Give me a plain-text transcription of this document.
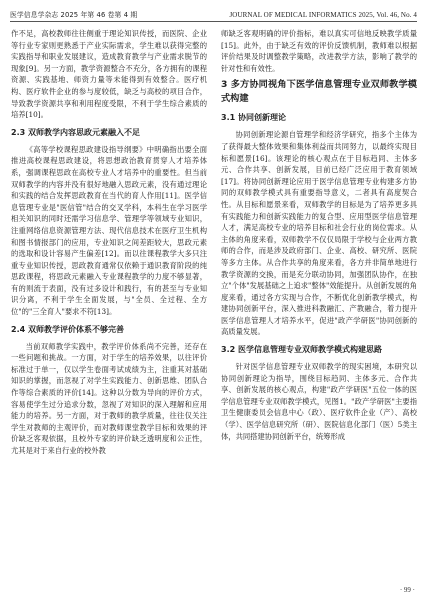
医学信息学杂志 2025 年第 46 卷第 4 期	JOURNAL OF MEDICAL INFORMATICS 2025, Vol. 46, No. 4

作不足，高校教师往往侧重于理论知识传授，而医院、企业等行业专家则更熟悉于产业实际需求，学生难以获得完整的实践指导和职业发展建议，造成教育教学与产业需求脱节的现象[9]。另一方面，教学资源整合不充分，各方拥有的课程资源、实践基地、师资力量等未能得到有效整合。医疗机构、医疗软件企业的参与度较低，缺乏与高校的项目合作，导致教学资源共享和利用程度受限，不利于学生综合素质的培养[10]。

2.3 双师教学内容思政元素融入不足

《高等学校课程思政建设指导纲要》中明确指出要全面推进高校课程思政建设，将思想政治教育贯穿人才培养体系，强调课程思政在高校专业人才培养中的重要性。但当前双师教学的内容并没有很好地融入思政元素，没有通过理论和实践的结合发挥思政教育在当代的育人作用[11]。医学信息管理专业是"医信管"结合的交叉学科，本科生在学习医学相关知识的同时还需学习信息学、管理学等领域专业知识，注重网络信息资源管理方法、现代信息技术在医疗卫生机构和图书情报部门的应用，专业知识之间差距较大，思政元素的选取和设计容易产生偏差[12]。而以往课程教学大多只注重专业知识传授，思政教育通常仅依赖于通识教育阶段的纯思政课程，将思政元素融入专业课程教学的力度不够显著，有的则流于表面，没有过多设计和践行，有的甚至与专业知识分离，不利于学生全面发展，与"全员、全过程、全方位"的"三全育人"要求不符[13]。

2.4 双师教学评价体系不够完善

当前双师教学实践中，教学评价体系尚不完善，还存在一些问题和挑战。一方面，对于学生的培养效果，以往评价标准过于单一，仅以学生卷面考试成绩为主，注重其对基础知识的掌握，而忽视了对学生实践能力、创新思维、团队合作等综合素质的评价[14]。这种以分数为导向的评价方式，容易使学生过分追求分数，忽视了对知识的深入理解和应用能力的培养。另一方面，对于教师的教学质量，往往仅关注学生对教师的主观评价，而对教师课堂教学目标和效果的评价缺乏客观依据，且校外专家的评价缺乏透明度和公正性，尤其是对于来自行业的校外教

师缺乏客观明确的评价指标，难以真实可信地反映教学质量[15]。此外，由于缺乏有效的评价反馈机制，教师难以根据评价结果及时调整教学策略，改进教学方法，影响了教学的针对性和有效性。

3 多方协同视角下医学信息管理专业双师教学模式构建
3.1 协同创新理论

协同创新理论源自管理学和经济学研究，指多个主体为了获得最大整体效果和集体利益而共同努力，以最终实现目标和愿景[16]。该理论的核心观点在于目标趋同、主体多元、合作共享、创新发展，目前已经广泛应用于教育领域[17]。将协同创新理论应用于医学信息管理专业构建多方协同的双师教学模式具有重要指导意义，二者具有高度契合性。从目标和愿景来看，双师教学的目标是为了培养更多具有实践能力和创新实践能力的复合型、应用型医学信息管理人才，满足高校专业的培养目标和社会行业的岗位需求。从主体的角度来看，双师教学不仅仅局限于学校与企业两方教师的合作，而是涉及政府部门、企业、高校、研究所、医院等多方主体。从合作共享的角度来看，各方并非简单地进行教学资源的交换，而是充分联动协同，加强团队协作，在独立"个体"发展基础之上追求"整体"效能提升。从创新发展的角度来看，通过各方实现与合作，不断优化创新教学模式，构建协同创新平台，深入推进科教融汇、产教融合，着力提升医学信息管理人才培养水平，促进"政产学研医"协同创新的高质量发展。

3.2 医学信息管理专业双师教学模式构建思路

针对医学信息管理专业双师教学的现实困境，本研究以协同创新理论为指导，围绕目标趋同、主体多元、合作共享、创新发展的核心观点，构建"政产学研医"五位一体的医学信息管理专业双师教学模式，见图1。"政产学研医"主要指卫生健康委员会信息中心（政）、医疗软件企业（产）、高校（学）、医学信息研究所（研）、医院信息化部门（医）5类主体，共同搭建协同创新平台，统筹形成

· 99 ·
